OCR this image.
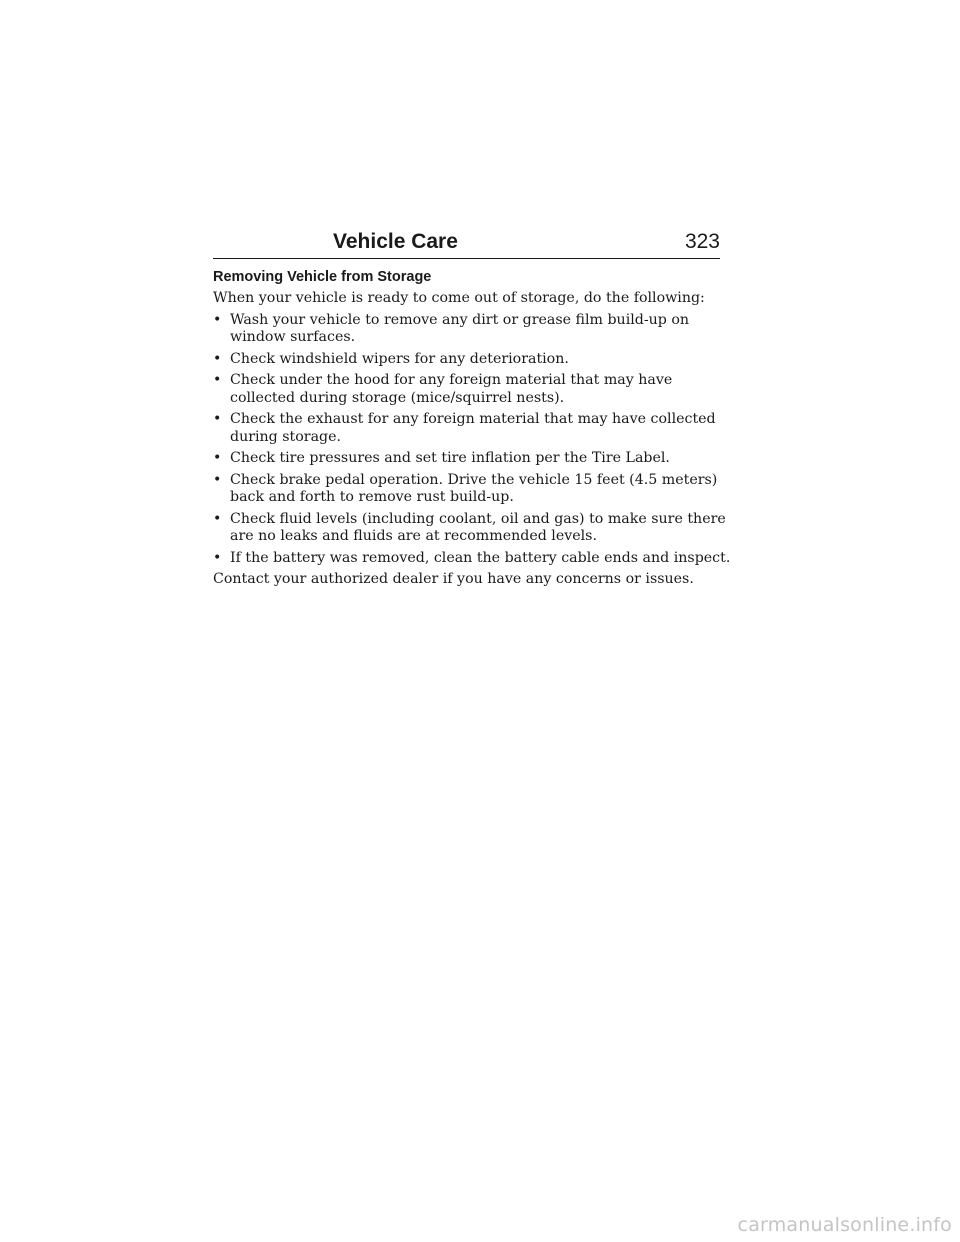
Vehicle Care	323
Removing Vehicle from Storage

When your vehicle is ready to come out of storage, do the following:

• Wash your vehicle to remove any dirt or grease film build-up on window surfaces.
• Check windshield wipers for any deterioration.
• Check under the hood for any foreign material that may have collected during storage (mice/squirrel nests).
• Check the exhaust for any foreign material that may have collected during storage.
• Check tire pressures and set tire inflation per the Tire Label.
• Check brake pedal operation. Drive the vehicle 15 feet (4.5 meters) back and forth to remove rust build-up.
• Check fluid levels (including coolant, oil and gas) to make sure there are no leaks and fluids are at recommended levels.
• If the battery was removed, clean the battery cable ends and inspect.

Contact your authorized dealer if you have any concerns or issues.

carmanualsonline.info
